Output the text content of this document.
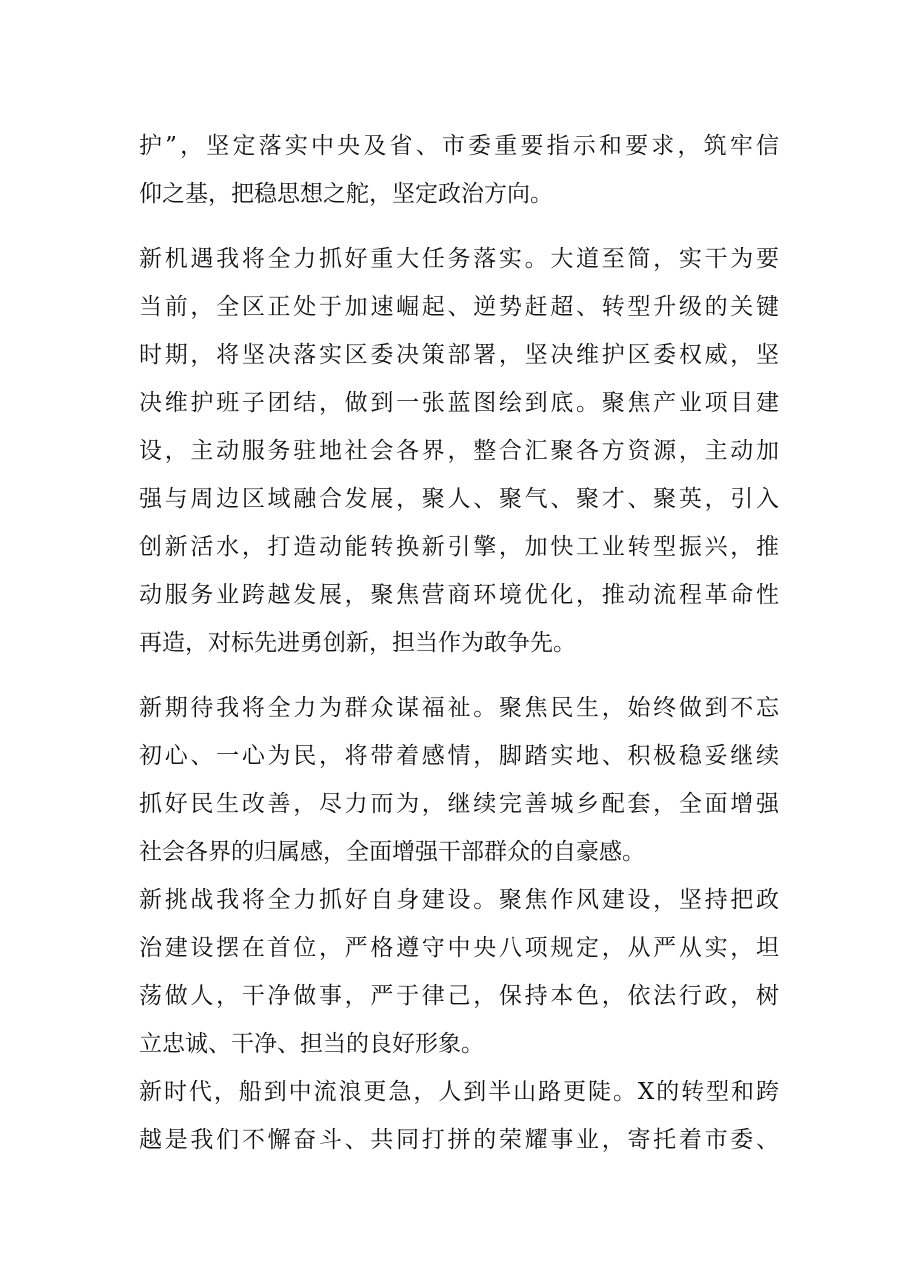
护”，坚定落实中央及省、市委重要指示和要求，筑牢信
仰之基，把稳思想之舵，坚定政治方向。
新机遇我将全力抓好重大任务落实。大道至简，实干为要
当前，全区正处于加速崛起、逆势赶超、转型升级的关键
时期，将坚决落实区委决策部署，坚决维护区委权威，坚
决维护班子团结，做到一张蓝图绘到底。聚焦产业项目建
设，主动服务驻地社会各界，整合汇聚各方资源，主动加
强与周边区域融合发展，聚人、聚气、聚才、聚英，引入
创新活水，打造动能转换新引擎，加快工业转型振兴，推
动服务业跨越发展，聚焦营商环境优化，推动流程革命性
再造，对标先进勇创新，担当作为敢争先。
新期待我将全力为群众谋福祉。聚焦民生，始终做到不忘
初心、一心为民，将带着感情，脚踏实地、积极稳妥继续
抓好民生改善，尽力而为，继续完善城乡配套，全面增强
社会各界的归属感，全面增强干部群众的自豪感。
新挑战我将全力抓好自身建设。聚焦作风建设，坚持把政
治建设摆在首位，严格遵守中央八项规定，从严从实，坦
荡做人，干净做事，严于律己，保持本色，依法行政，树
立忠诚、干净、担当的良好形象。
新时代，船到中流浪更急，人到半山路更陡。X的转型和跨
越是我们不懈奋斗、共同打拼的荣耀事业，寄托着市委、
